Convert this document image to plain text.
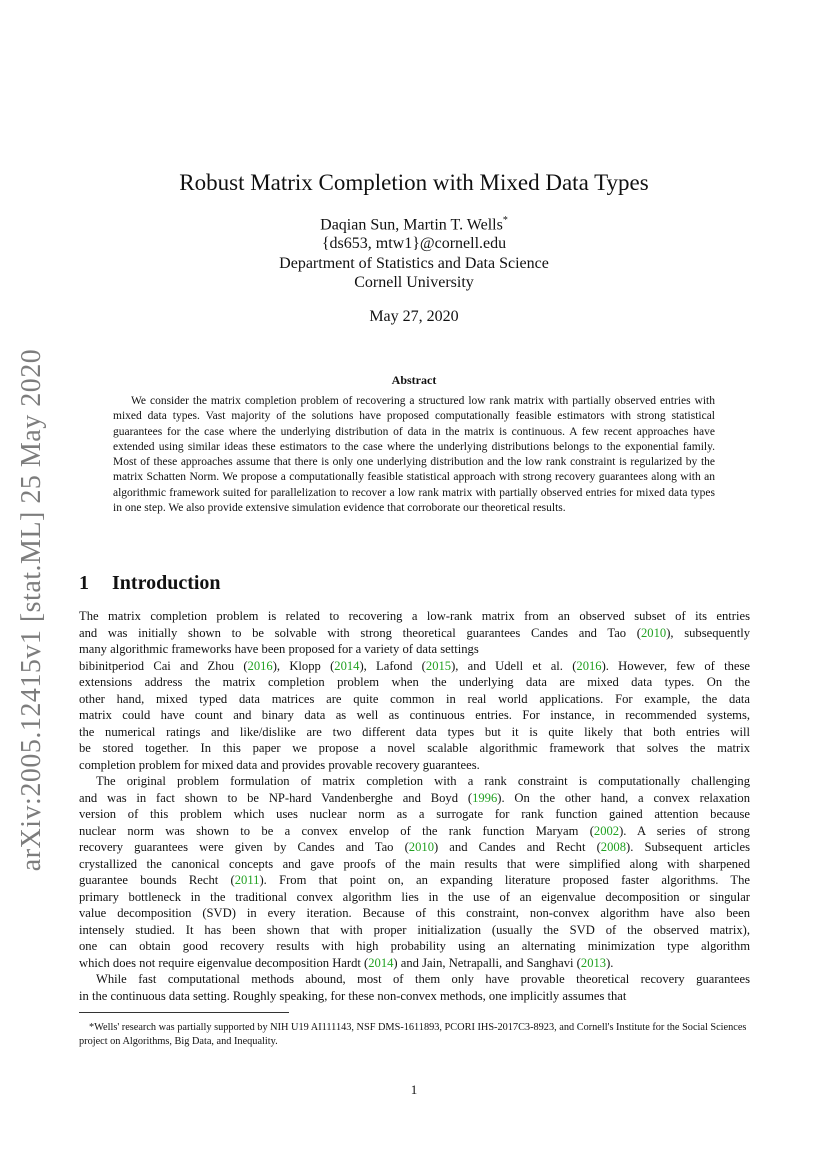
arXiv:2005.12415v1 [stat.ML] 25 May 2020
Robust Matrix Completion with Mixed Data Types
Daqian Sun, Martin T. Wells*
{ds653, mtw1}@cornell.edu
Department of Statistics and Data Science
Cornell University
May 27, 2020
Abstract

We consider the matrix completion problem of recovering a structured low rank matrix with partially observed entries with mixed data types. Vast majority of the solutions have proposed computationally feasible estimators with strong statistical guarantees for the case where the underlying distribution of data in the matrix is continuous. A few recent approaches have extended using similar ideas these estimators to the case where the underlying distributions belongs to the exponential family. Most of these approaches assume that there is only one underlying distribution and the low rank constraint is regularized by the matrix Schatten Norm. We propose a computationally feasible statistical approach with strong recovery guarantees along with an algorithmic framework suited for parallelization to recover a low rank matrix with partially observed entries for mixed data types in one step. We also provide extensive simulation evidence that corroborate our theoretical results.

1 Introduction
The matrix completion problem is related to recovering a low-rank matrix from an observed subset of its entries
and was initially shown to be solvable with strong theoretical guarantees Candes and Tao (2010), subsequently
many algorithmic frameworks have been proposed for a variety of data settings
bibinitperiod Cai and Zhou (2016), Klopp (2014), Lafond (2015), and Udell et al. (2016). However, few of these
extensions address the matrix completion problem when the underlying data are mixed data types. On the
other hand, mixed typed data matrices are quite common in real world applications. For example, the data
matrix could have count and binary data as well as continuous entries. For instance, in recommended systems,
the numerical ratings and like/dislike are two different data types but it is quite likely that both entries will
be stored together. In this paper we propose a novel scalable algorithmic framework that solves the matrix
completion problem for mixed data and provides provable recovery guarantees.
The original problem formulation of matrix completion with a rank constraint is computationally challenging
and was in fact shown to be NP-hard Vandenberghe and Boyd (1996). On the other hand, a convex relaxation
version of this problem which uses nuclear norm as a surrogate for rank function gained attention because
nuclear norm was shown to be a convex envelop of the rank function Maryam (2002). A series of strong
recovery guarantees were given by Candes and Tao (2010) and Candes and Recht (2008). Subsequent articles
crystallized the canonical concepts and gave proofs of the main results that were simplified along with sharpened
guarantee bounds Recht (2011). From that point on, an expanding literature proposed faster algorithms. The
primary bottleneck in the traditional convex algorithm lies in the use of an eigenvalue decomposition or singular
value decomposition (SVD) in every iteration. Because of this constraint, non-convex algorithm have also been
intensely studied. It has been shown that with proper initialization (usually the SVD of the observed matrix),
one can obtain good recovery results with high probability using an alternating minimization type algorithm
which does not require eigenvalue decomposition Hardt (2014) and Jain, Netrapalli, and Sanghavi (2013).
While fast computational methods abound, most of them only have provable theoretical recovery guarantees
in the continuous data setting. Roughly speaking, for these non-convex methods, one implicitly assumes that

*Wells' research was partially supported by NIH U19 AI111143, NSF DMS-1611893, PCORI IHS-2017C3-8923, and Cornell's Institute for the Social Sciences project on Algorithms, Big Data, and Inequality.

1
